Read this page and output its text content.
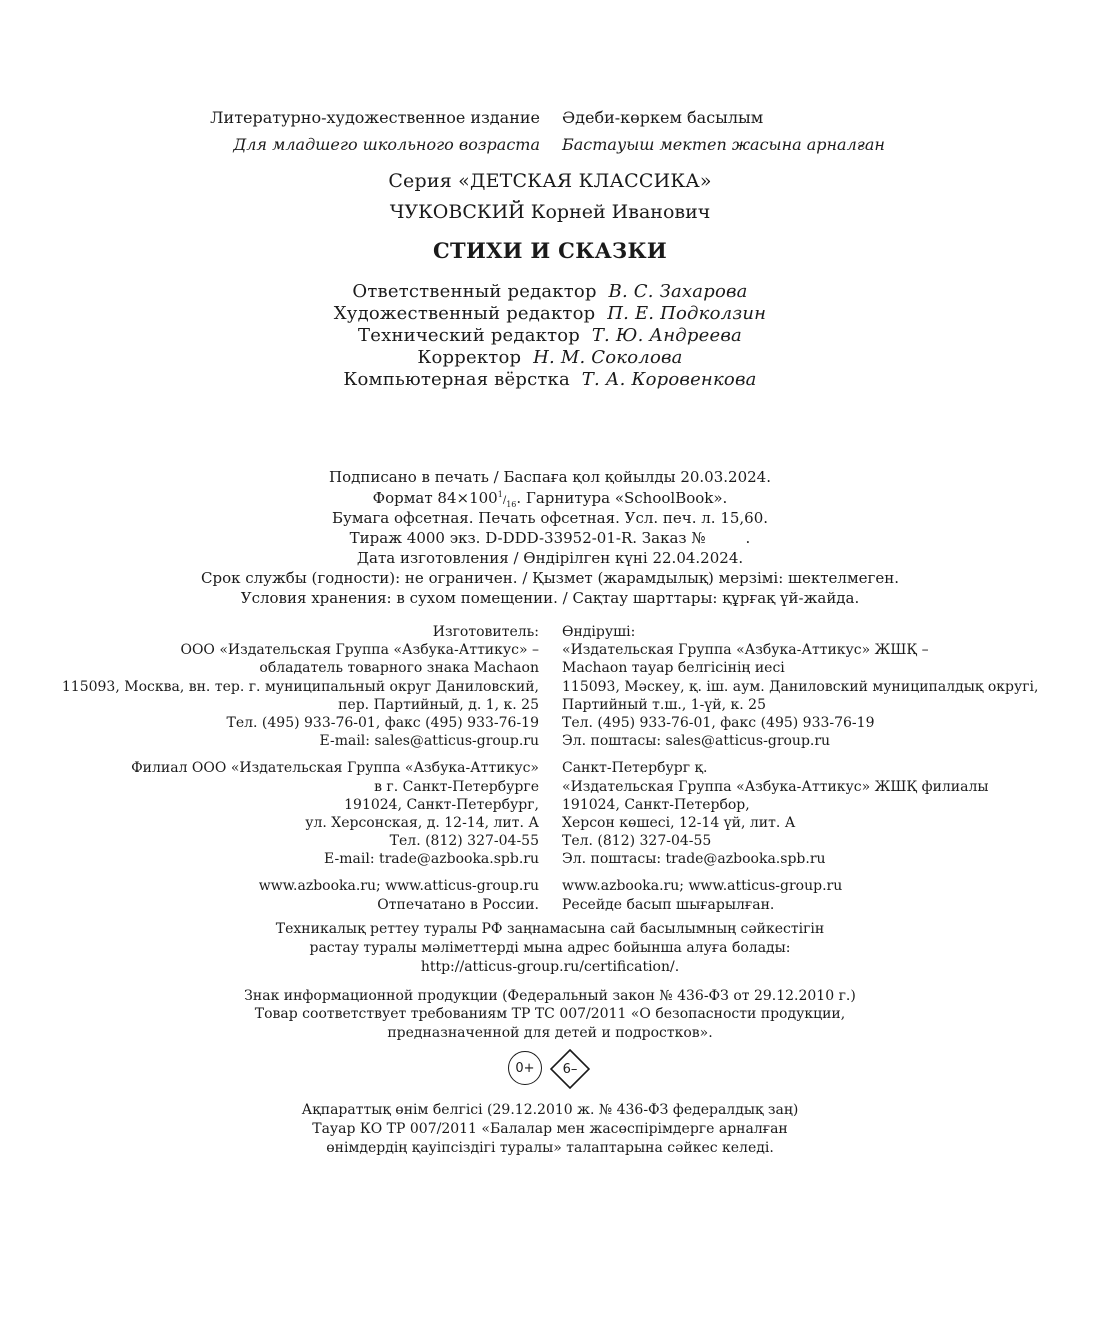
Литературно-художественное издание Әдеби-көркем басылым
Для младшего школьного возраста Бастауыш мектеп жасына арналған
Серия «ДЕТСКАЯ КЛАССИКА»
ЧУКОВСКИЙ Корней Иванович
СТИХИ И СКАЗКИ
Ответственный редактор В. С. Захарова
Художественный редактор П. Е. Подколзин
Технический редактор Т. Ю. Андреева
Корректор Н. М. Соколова
Компьютерная вёрстка Т. А. Коровенкова
Подписано в печать / Баспаға қол қойылды 20.03.2024.
Формат $84\times 100^1/_{16}$. Гарнитура «SchoolBook».
Бумага офсетная. Печать офсетная. Усл. печ. л. 15,60.
Тираж 4000 экз. D-DDD-33952-01-R. Заказ №	.
Дата изготовления / Өндірілген күні 22.04.2024.
Срок службы (годности): не ограничен. / Қызмет (жарамдылық) мерзімі: шектелмеген.
Условия хранения: в сухом помещении. / Сақтау шарттары: құрғақ үй-жайда.
Изготовитель:
ООО «Издательская Группа «Азбука-Аттикус» –
обладатель товарного знака Machaon
115093, Москва, вн. тер. г. муниципальный округ Даниловский,
пер. Партийный, д. 1, к. 25
Тел. (495) 933-76-01, факс (495) 933-76-19
E-mail: sales@atticus-group.ru
Филиал ООО «Издательская Группа «Азбука-Аттикус»
в г. Санкт-Петербурге
191024, Санкт-Петербург,
ул. Херсонская, д. 12-14, лит. А
Тел. (812) 327-04-55
E-mail: trade@azbooka.spb.ru
www.azbooka.ru; www.atticus-group.ru
Отпечатано в России.
Өндіруші:
«Издательская Группа «Азбука-Аттикус» ЖШҚ –
Machaon тауар белгісінің иесі
115093, Мәскеу, қ. іш. аум. Даниловский муниципалдық округі,
Партийный т.ш., 1-үй, к. 25
Тел. (495) 933-76-01, факс (495) 933-76-19
Эл. поштасы: sales@atticus-group.ru
Санкт-Петербург қ.
«Издательская Группа «Азбука-Аттикус» ЖШҚ филиалы
191024, Санкт-Петербор,
Херсон көшесі, 12-14 үй, лит. А
Тел. (812) 327-04-55
Эл. поштасы: trade@azbooka.spb.ru
www.azbooka.ru; www.atticus-group.ru
Ресейде басып шығарылған.
Техникалық реттеу туралы РФ заңнамасына сай басылымның сәйкестігін
растау туралы мәліметтерді мына адрес бойынша алуға болады:
http://atticus-group.ru/certification/.
Знак информационной продукции (Федеральный закон № 436-ФЗ от 29.12.2010 г.)
Товар соответствует требованиям ТР ТС 007/2011 «О безопасности продукции,
предназначенной для детей и подростков».
0+	6–
Ақпараттық өнім белгісі (29.12.2010 ж. № 436-ФЗ федералдық заң)
Тауар КО ТР 007/2011 «Балалар мен жасөспірімдерге арналған
өнімдердің қауіпсіздігі туралы» талаптарына сәйкес келеді.
